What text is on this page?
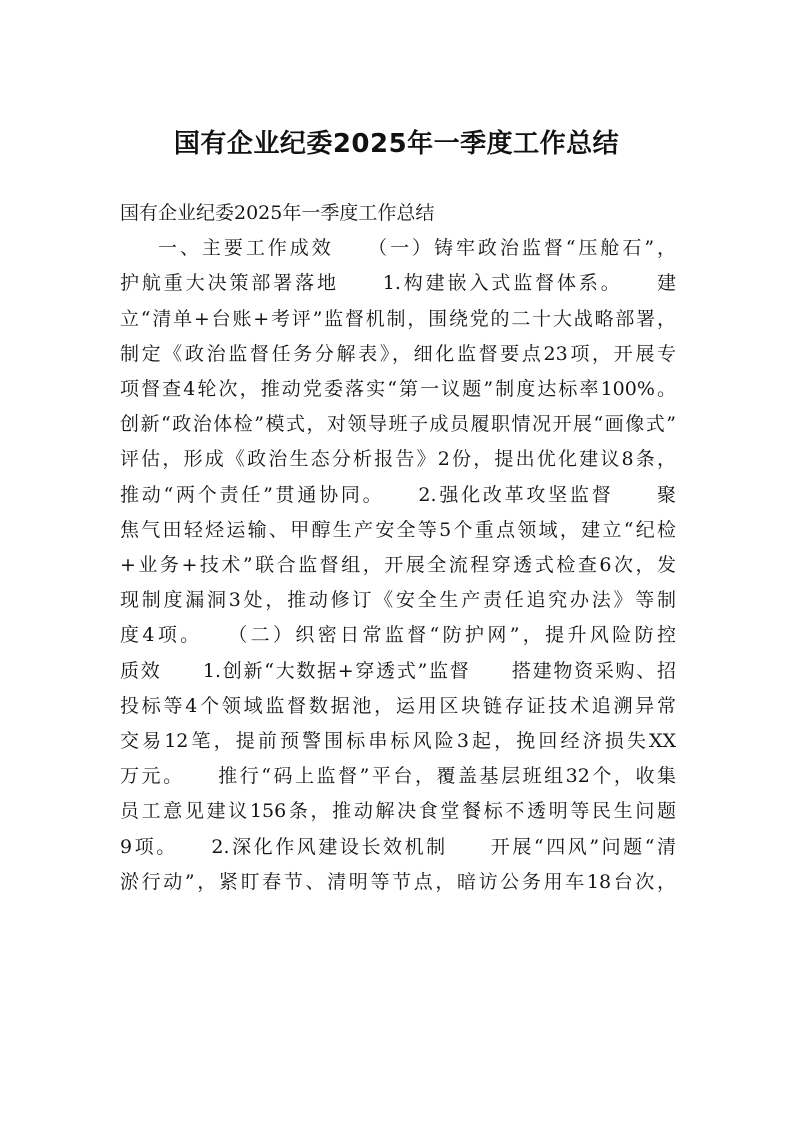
国有企业纪委2025年一季度工作总结
国有企业纪委2025年一季度工作总结
一、主要工作成效　　（一）铸牢政治监督“压舱石”，
护航重大决策部署落地　　1.构建嵌入式监督体系。　　建
立“清单+台账+考评”监督机制，围绕党的二十大战略部署，
制定《政治监督任务分解表》，细化监督要点23项，开展专
项督查4轮次，推动党委落实“第一议题”制度达标率100%。
创新“政治体检”模式，对领导班子成员履职情况开展“画像式”
评估，形成《政治生态分析报告》2份，提出优化建议8条，
推动“两个责任”贯通协同。　　2.强化改革攻坚监督　　聚
焦气田轻烃运输、甲醇生产安全等5个重点领域，建立“纪检
+业务+技术”联合监督组，开展全流程穿透式检查6次，发
现制度漏洞3处，推动修订《安全生产责任追究办法》等制
度4项。　　（二）织密日常监督“防护网”，提升风险防控
质效　　1.创新“大数据+穿透式”监督　　搭建物资采购、招
投标等4个领域监督数据池，运用区块链存证技术追溯异常
交易12笔，提前预警围标串标风险3起，挽回经济损失XX
万元。　　推行“码上监督”平台，覆盖基层班组32个，收集
员工意见建议156条，推动解决食堂餐标不透明等民生问题
9项。　　2.深化作风建设长效机制　　开展“四风”问题“清
淤行动”，紧盯春节、清明等节点，暗访公务用车18台次，
